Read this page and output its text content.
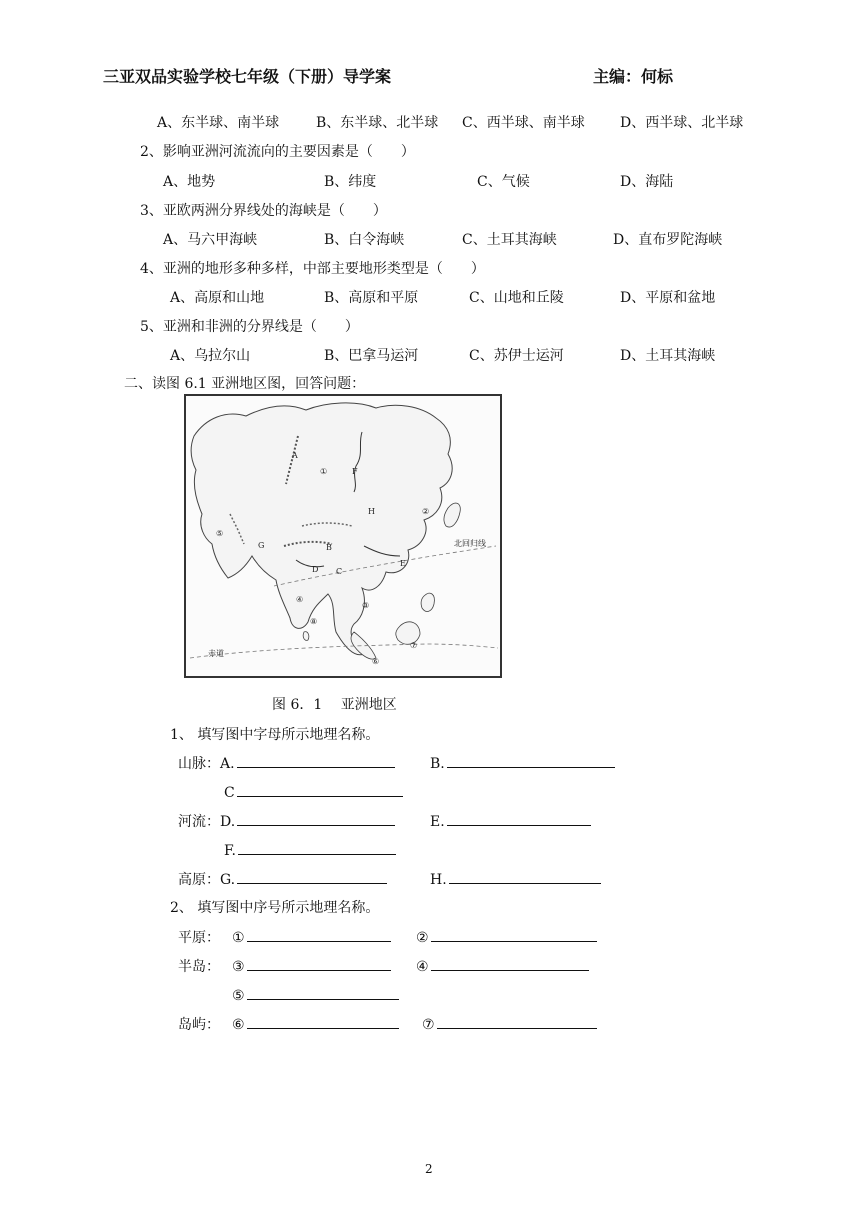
三亚双品实验学校七年级（下册）导学案	主编：何标
A、东半球、南半球	B、东半球、北半球 C、西半球、南半球	D、西半球、北半球
2、影响亚洲河流流向的主要因素是（　　）
A、地势	B、纬度	C、气候	D、海陆
3、亚欧两洲分界线处的海峡是（　　）
A、马六甲海峡	B、白令海峡	C、土耳其海峡	D、直布罗陀海峡
4、亚洲的地形多种多样，中部主要地形类型是（　　）
A、高原和山地	B、高原和平原	C、山地和丘陵	D、平原和盆地
5、亚洲和非洲的分界线是（　　）
A、乌拉尔山	B、巴拿马运河	C、苏伊士运河	D、土耳其海峡
二、读图 6.1 亚洲地区图，回答问题：
北回归线
赤道
A
B
C
D
E
F
G
H
①
②
③
④
⑤
⑥
⑦
⑧
图 6．1　 亚洲地区
1、 填写图中字母所示地理名称。
山脉：A.	B.
C
河流：D.	E.
F.
高原：G.	H.
2、 填写图中序号所示地理名称。
平原： ①	②
半岛： ③	④
⑤
岛屿： ⑥	⑦
2
